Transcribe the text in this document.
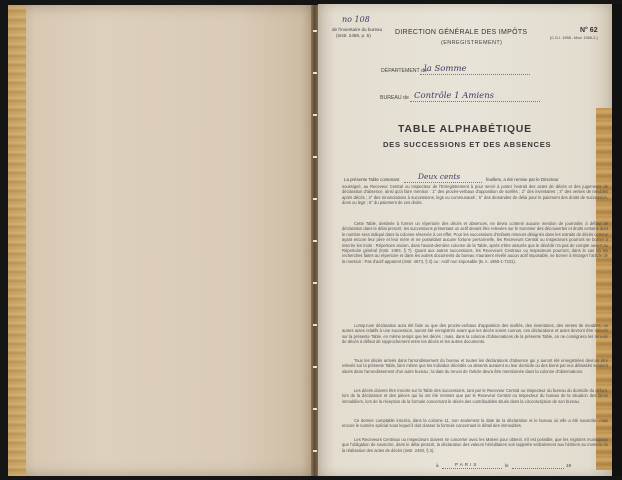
no 108
de l'inventaire du bureau
(Instr. 2459, p. 5)	DIRECTION GÉNÉRALE DES IMPÔTS
(ENREGISTREMENT)
N° 62
(C.G.I. 1958 - Mod. 1955-2.)
DÉPARTEMENT de
la Somme
BUREAU de Contrôle 1 Amiens
TABLE ALPHABÉTIQUE
DES SUCCESSIONS ET DES ABSENCES
La présente Table contenant Deux cents	feuillets, a été remise par le Directeur
soussigné, au Receveur Central ou Inspecteur de l'Enregistrement à pour servir à porter l'extrait des actes de décès et des jugements de déclaration d'absence, ainsi qu'à faire mention : 1° des procès-verbaux d'apposition de scellés ; 2° des inventaires ; 3° des ventes de meubles après décès ; 4° des renonciations à successions, legs ou communauté ; 5° des demandes de délai pour le paiement des droits de succession, dons ou legs ; 6° du paiement de ces droits.
Cette Table, destinée à former un répertoire des décès et absences, ne devra contenir aucune mention de journalier, à défaut de déclaration dans le délai prescrit, les successions présentant un actif devant être relevées sur le Sommier des découvertes et droits certains dont le nombre sera indiqué dans la colonne réservée à cet effet. Pour les successions d'enfants mineurs désignés dans les extraits de décès comme ayant encore leur père et leur mère et ne possédant aucune fortune personnelle, les Receveurs Central ou Inspecteurs pourront se borner à inscrire les mots : Répertoire ancien, dans l'avant-dernière colonne de la Table, après s'être assurés que le décédé n'a pas de compte ouvert au Répertoire général (Instr. 2493, § 7). Quant aux autres successions, les Receveurs Centraux ou Inspecteurs pourront, dans le cas où les recherches faites au répertoire et dans les autres documents du bureau n'auraient révélé aucun actif imposable, se borner à émarger l'article de la mention : Pas d'actif apparent (Instr. 4673, § 3) ou : Actif non imposable (B. A. 1950-1-7231).
Lorsqu'une déclaration aura été faite ou que des procès-verbaux d'apposition des scellés, des inventaires, des ventes de meubles, ou autres actes relatifs à une succession, auront été enregistrés avant que les décès soient connus, ces déclarations et actes devront être relevés sur la présente Table, en même temps que les décès ; mais, dans la colonne d'observations de la présente Table, on ne consignera les renvois de décès à défaut de rapprochement entre les décès et les autres documents.
Tous les décès arrivés dans l'arrondissement du bureau et toutes les déclarations d'absence qui y auront été enregistrées devront être relevés sur la présente Table, bien même que les individus décédés ou absents auraient eu leur domicile ou des biens par eux délaissés seraient situés dans l'arrondissement d'un autre bureau ; la date du renvoi de l'article devra être mentionnée dans la colonne d'observations.
Les décès doivent être inscrits sur la Table des successions, tant par le Receveur Central ou Inspecteur du bureau du domicile du défunt, lors de la déclaration et des pièces qui lui ont été remises que par le Receveur Central ou Inspecteur du bureau de la situation des biens immobiliers, lors de la réception de la formule concernant le décès des contribuables situés dans la circonscription de son bureau.
Ce dernier comptable inscrira, dans la colonne 11, non seulement la date de la déclaration et le bureau où elle a été souscrite, mais encore le numéro spécial sous lequel il doit classer la formule concernant le détail des immeubles.
Les Receveurs Centraux ou Inspecteurs doivent se concerter avec les Maires pour obtenir, s'il est possible, que les registres municipaux que l'obligation de souscrire, dans le délai prescrit, la déclaration des valeurs héréditaires soit rappelée verbalement aux héritiers au moment de la réalisation des actes de décès (Instr. 2493, § 2).
à	PARIS	le	19
